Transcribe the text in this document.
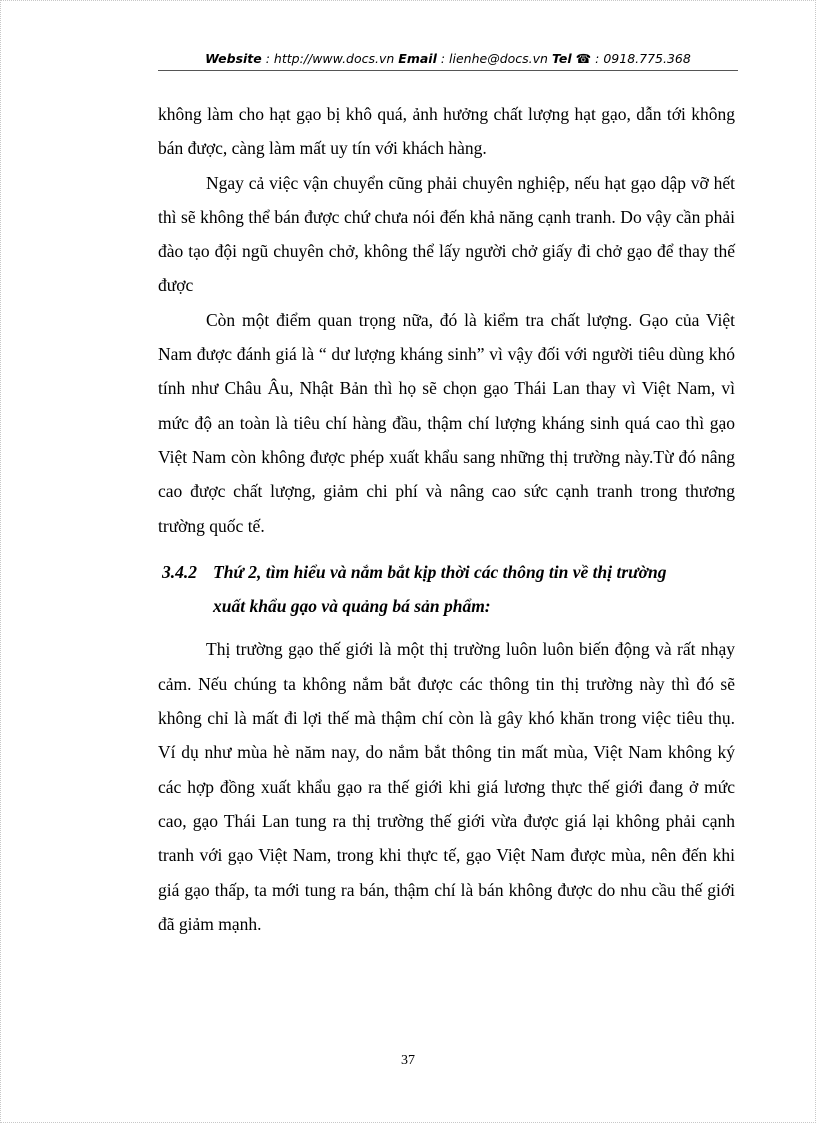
Website : http://www.docs.vn Email : lienhe@docs.vn Tel ☎ : 0918.775.368

không làm cho hạt gạo bị khô quá, ảnh hưởng chất lượng hạt gạo, dẫn tới không bán được, càng làm mất uy tín với khách hàng.

Ngay cả việc vận chuyển cũng phải chuyên nghiệp, nếu hạt gạo dập vỡ hết thì sẽ không thể bán được chứ chưa nói đến khả năng cạnh tranh. Do vậy cần phải đào tạo đội ngũ chuyên chở, không thể lấy người chở giấy đi chở gạo để thay thế được

Còn một điểm quan trọng nữa, đó là kiểm tra chất lượng. Gạo của Việt Nam được đánh giá là “ dư lượng kháng sinh” vì vậy đối với người tiêu dùng khó tính như Châu Âu, Nhật Bản thì họ sẽ chọn gạo Thái Lan thay vì Việt Nam, vì mức độ an toàn là tiêu chí hàng đầu, thậm chí lượng kháng sinh quá cao thì gạo Việt Nam còn không được phép xuất khẩu sang những thị trường này.Từ đó nâng cao được chất lượng, giảm chi phí và nâng cao sức cạnh tranh trong thương trường quốc tế.

3.4.2 Thứ 2, tìm hiểu và nắm bắt kịp thời các thông tin về thị trường
xuất khẩu gạo và quảng bá sản phẩm:

Thị trường gạo thế giới là một thị trường luôn luôn biến động và rất nhạy cảm. Nếu chúng ta không nắm bắt được các thông tin thị trường này thì đó sẽ không chỉ là mất đi lợi thế mà thậm chí còn là gây khó khăn trong việc tiêu thụ. Ví dụ như mùa hè năm nay, do nắm bắt thông tin mất mùa, Việt Nam không ký các hợp đồng xuất khẩu gạo ra thế giới khi giá lương thực thế giới đang ở mức cao, gạo Thái Lan tung ra thị trường thế giới vừa được giá lại không phải cạnh tranh với gạo Việt Nam, trong khi thực tế, gạo Việt Nam được mùa, nên đến khi giá gạo thấp, ta mới tung ra bán, thậm chí là bán không được do nhu cầu thế giới đã giảm mạnh.

37
